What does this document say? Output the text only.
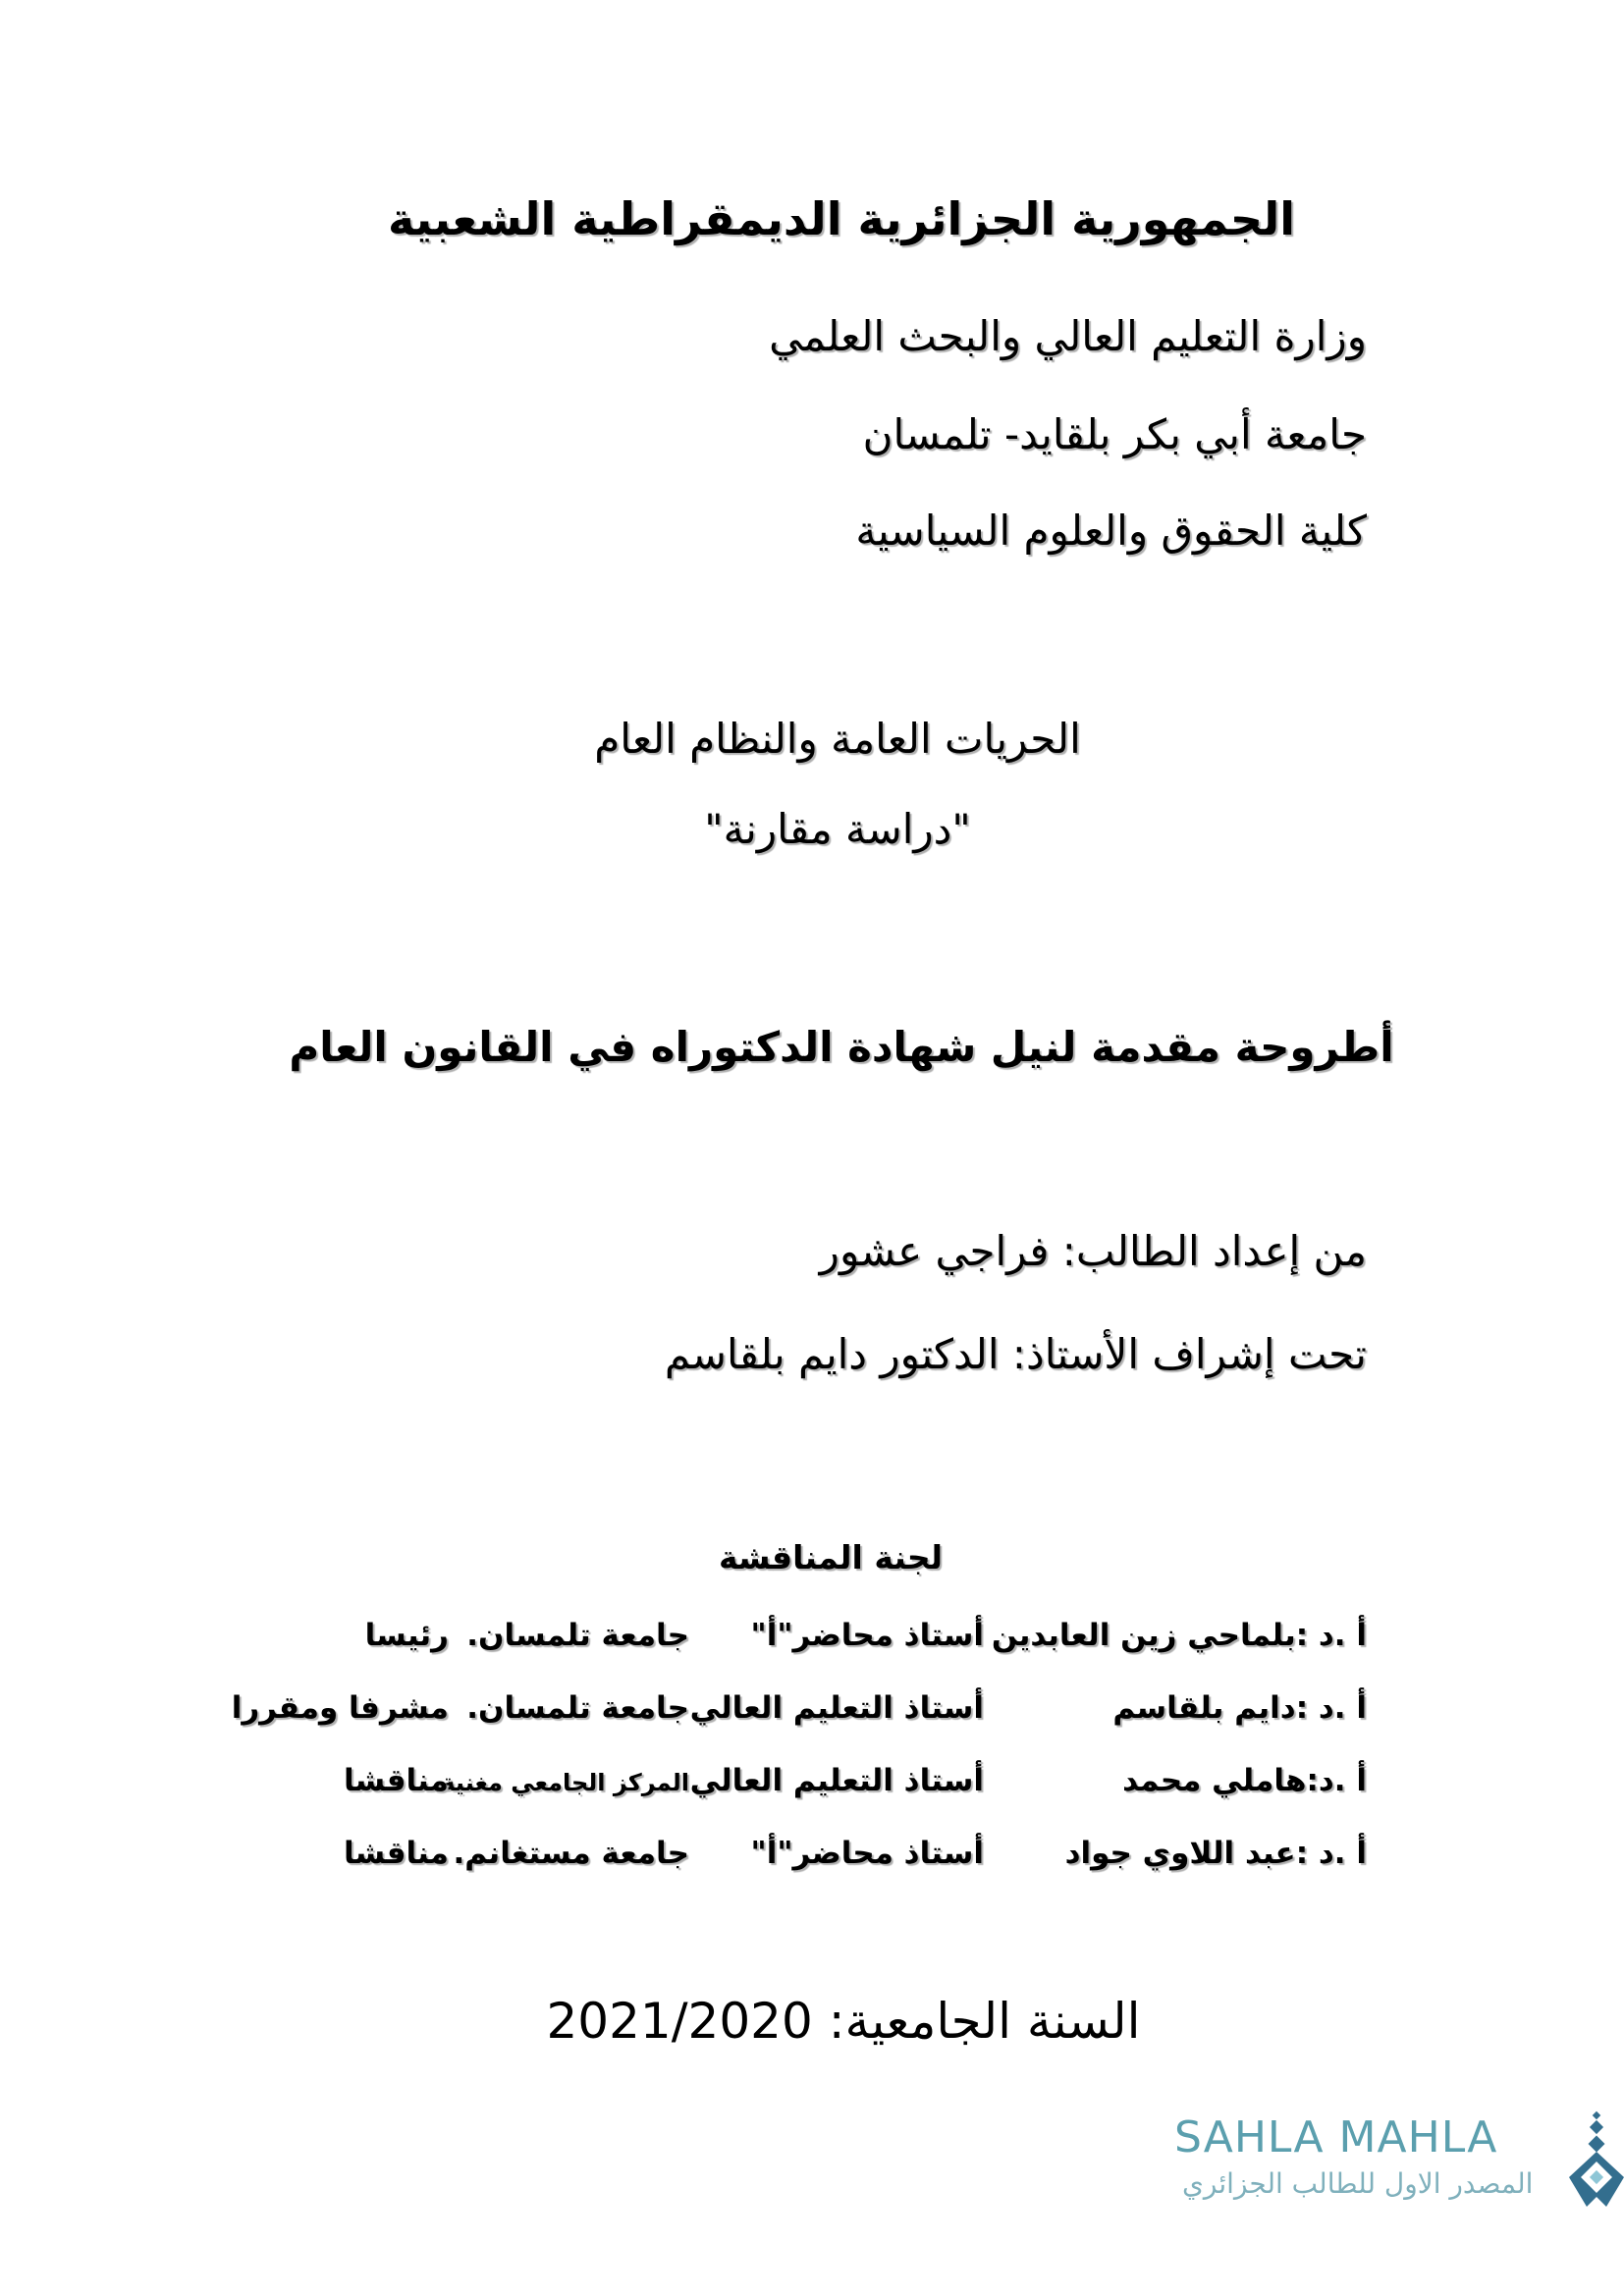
الجمهورية الجزائرية الديمقراطية الشعبية
وزارة التعليم العالي والبحث العلمي
جامعة أبي بكر بلقايد- تلمسان
كلية الحقوق والعلوم السياسية
الحريات العامة والنظام العام
"دراسة مقارنة"
أطروحة مقدمة لنيل شهادة الدكتوراه في القانون العام
من إعداد الطالب: فراجي عشور
تحت إشراف الأستاذ: الدكتور دايم بلقاسم
لجنة المناقشة
أ .د :بلماحي زين العابدين
أستاذ محاضر"أ"
جامعة تلمسان.
رئيسا
أ .د :دايم بلقاسم
أستاذ التعليم العالي
جامعة تلمسان.
مشرفا ومقررا
أ .د:هاملي محمد
أستاذ التعليم العالي
المركز الجامعي مغنية.
مناقشا
أ .د :عبد اللاوي جواد
أستاذ محاضر"أ"
جامعة مستغانم.
مناقشا
السنة الجامعية: 2021/2020
SAHLA MAHLA
المصدر الاول للطالب الجزائري
